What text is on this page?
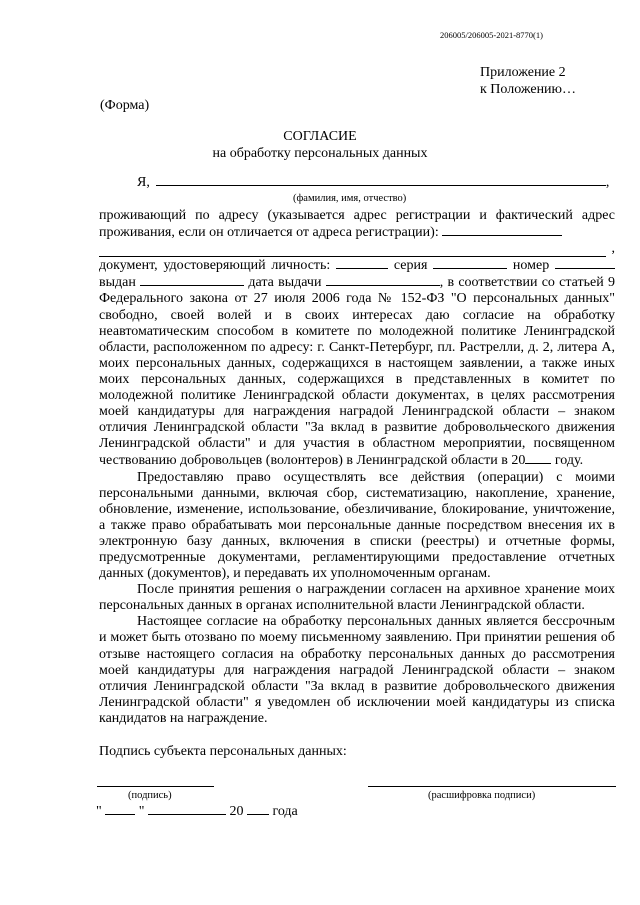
206005/206005-2021-8770(1)
Приложение 2
к Положению…
(Форма)
СОГЛАСИЕ
на обработку персональных данных
Я,	,
(фамилия, имя, отчество)

проживающий по адресу (указывается адрес регистрации и фактический адрес проживания, если он отличается от адреса регистрации):

,

документ, удостоверяющий личность:	серия	номер  выдан	дата выдачи	, в соответствии со статьей 9 Федерального закона от 27 июля 2006 года № 152-ФЗ "О персональных данных" свободно, своей волей и в своих интересах даю согласие на обработку неавтоматическим способом в комитете по молодежной политике Ленинградской области, расположенном по адресу: г. Санкт-Петербург, пл. Растрелли, д. 2, литера А, моих персональных данных, содержащихся в настоящем заявлении, а также иных моих персональных данных, содержащихся в представленных в комитет по молодежной политике Ленинградской области документах, в целях рассмотрения моей кандидатуры для награждения наградой Ленинградской области – знаком отличия Ленинградской области "За вклад в развитие добровольческого движения Ленинградской области" и для участия в областном мероприятии, посвященном чествованию добровольцев (волонтеров) в Ленинградской области в 20 году.

Предоставляю право осуществлять все действия (операции) с моими персональными данными, включая сбор, систематизацию, накопление, хранение, обновление, изменение, использование, обезличивание, блокирование, уничтожение, а также право обрабатывать мои персональные данные посредством внесения их в электронную базу данных, включения в списки (реестры) и отчетные формы, предусмотренные документами, регламентирующими предоставление отчетных данных (документов), и передавать их уполномоченным органам.

После принятия решения о награждении согласен на архивное хранение моих персональных данных в органах исполнительной власти Ленинградской области.

Настоящее согласие на обработку персональных данных является бессрочным и может быть отозвано по моему письменному заявлению. При принятии решения об отзыве настоящего согласия на обработку персональных данных до рассмотрения моей кандидатуры для награждения наградой Ленинградской области – знаком отличия Ленинградской области "За вклад в развитие добровольческого движения Ленинградской области" я уведомлен об исключении моей кандидатуры из списка кандидатов на награждение.

Подпись субъекта персональных данных:
(подпись)	(расшифровка подписи)
"	"	20 года
